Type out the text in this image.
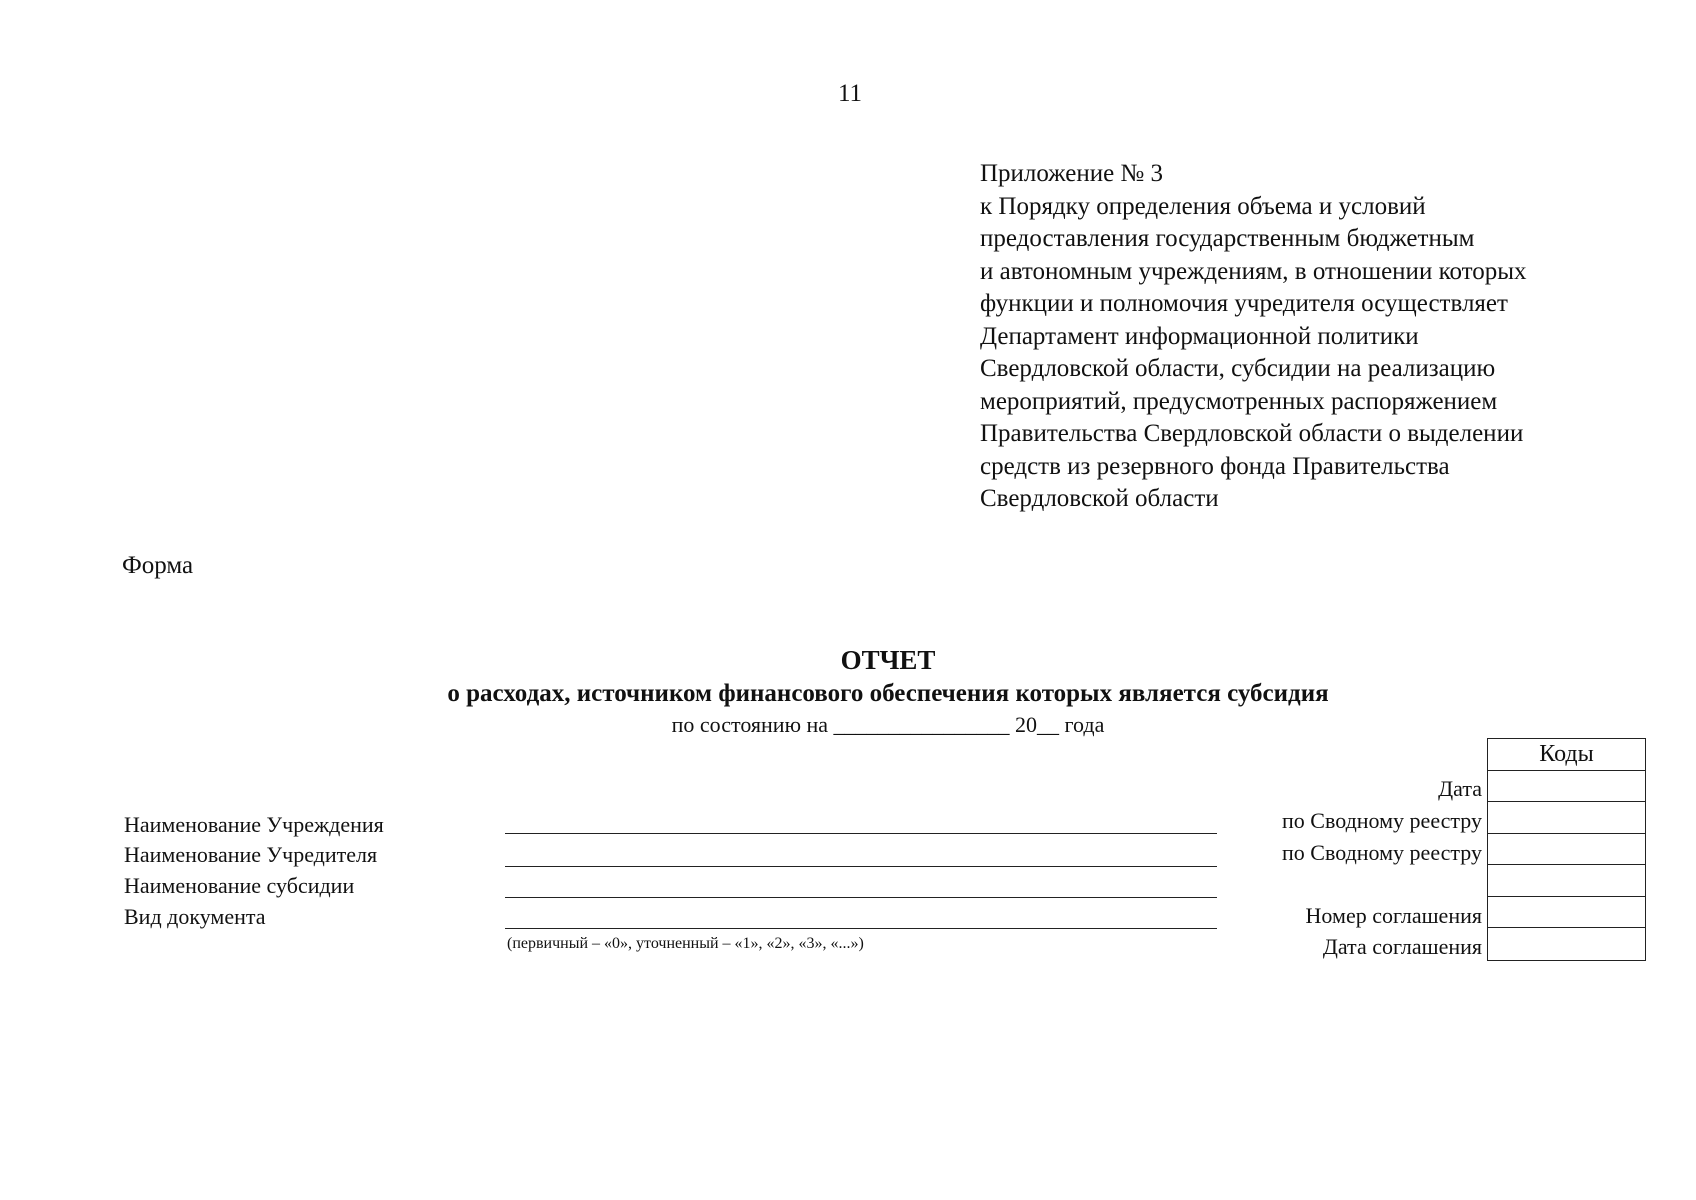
11
Приложение № 3
к Порядку определения объема и условий
предоставления государственным бюджетным
и автономным учреждениям, в отношении которых
функции и полномочия учредителя осуществляет
Департамент информационной политики
Свердловской области, субсидии на реализацию
мероприятий, предусмотренных распоряжением
Правительства Свердловской области о выделении
средств из резервного фонда Правительства
Свердловской области
Форма
ОТЧЕТ
о расходах, источником финансового обеспечения которых является субсидия
по состоянию на ________________ 20__ года
Наименование Учреждения
Наименование Учредителя
Наименование субсидии
Вид документа
(первичный – «0», уточненный – «1», «2», «3», «...»)
Дата
по Сводному реестру
по Сводному реестру
Номер соглашения
Дата соглашения
Коды
